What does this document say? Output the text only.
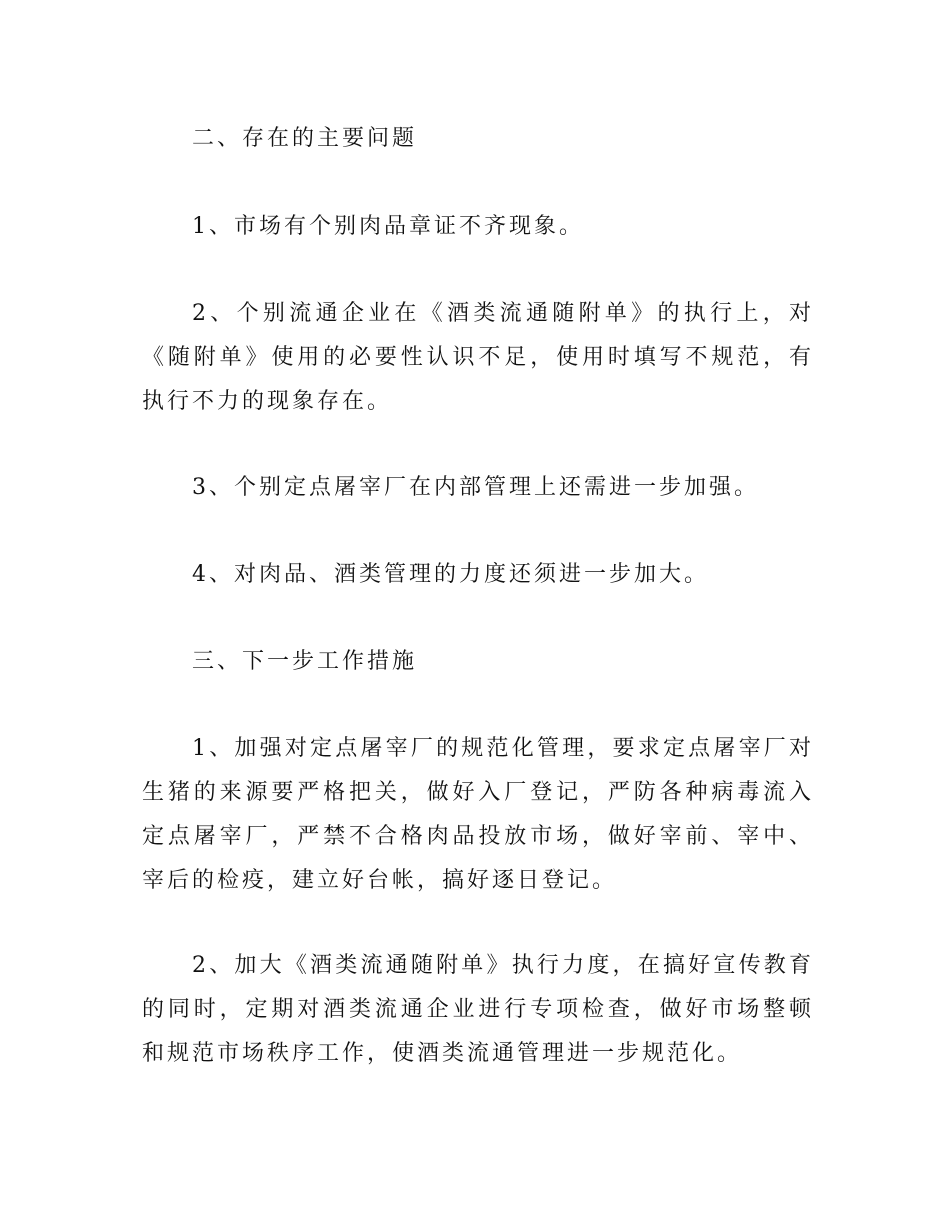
二、存在的主要问题

1、市场有个别肉品章证不齐现象。

2、个别流通企业在《酒类流通随附单》的执行上，对《随附单》使用的必要性认识不足，使用时填写不规范，有执行不力的现象存在。

3、个别定点屠宰厂在内部管理上还需进一步加强。

4、对肉品、酒类管理的力度还须进一步加大。

三、下一步工作措施

1、加强对定点屠宰厂的规范化管理，要求定点屠宰厂对生猪的来源要严格把关，做好入厂登记，严防各种病毒流入定点屠宰厂，严禁不合格肉品投放市场，做好宰前、宰中、宰后的检疫，建立好台帐，搞好逐日登记。

2、加大《酒类流通随附单》执行力度，在搞好宣传教育的同时，定期对酒类流通企业进行专项检查，做好市场整顿和规范市场秩序工作，使酒类流通管理进一步规范化。
